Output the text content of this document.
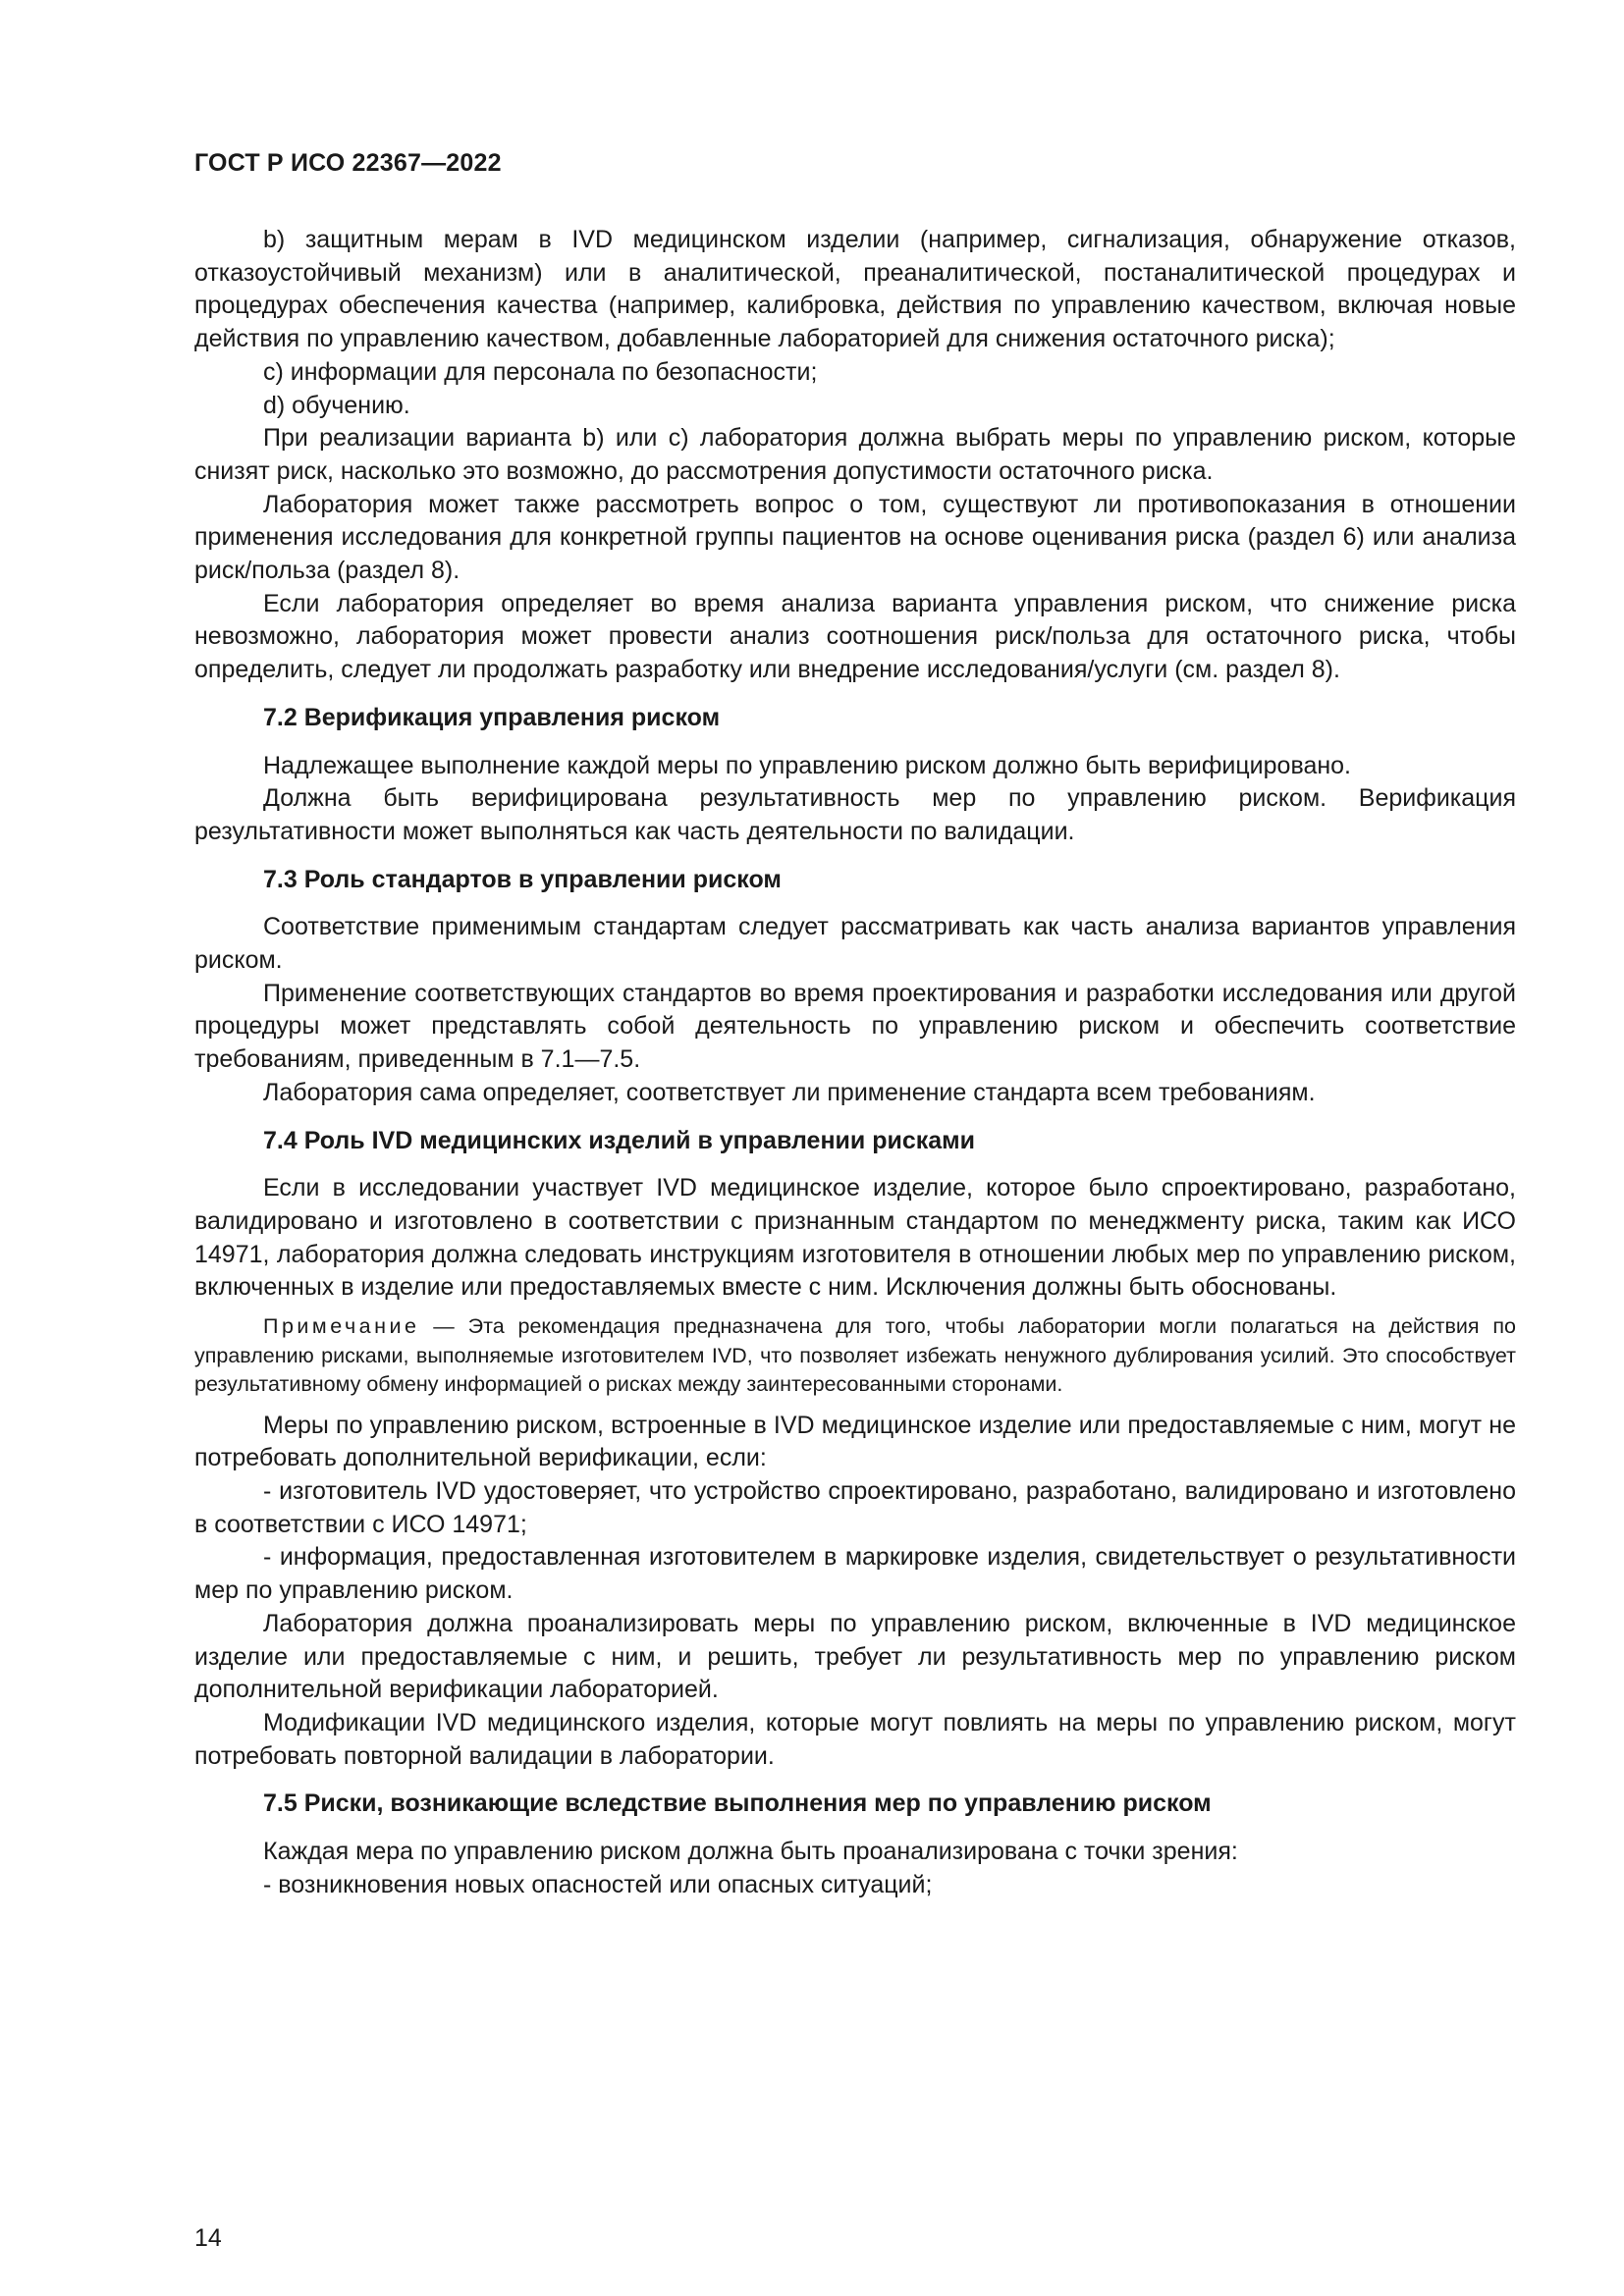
ГОСТ Р ИСО 22367—2022

b) защитным мерам в IVD медицинском изделии (например, сигнализация, обнаружение отказов, отказоустойчивый механизм) или в аналитической, преаналитической, постаналитической процедурах и процедурах обеспечения качества (например, калибровка, действия по управлению качеством, включая новые действия по управлению качеством, добавленные лабораторией для снижения остаточного риска);

c) информации для персонала по безопасности;

d) обучению.

При реализации варианта b) или c) лаборатория должна выбрать меры по управлению риском, которые снизят риск, насколько это возможно, до рассмотрения допустимости остаточного риска.

Лаборатория может также рассмотреть вопрос о том, существуют ли противопоказания в отношении применения исследования для конкретной группы пациентов на основе оценивания риска (раздел 6) или анализа риск/польза (раздел 8).

Если лаборатория определяет во время анализа варианта управления риском, что снижение риска невозможно, лаборатория может провести анализ соотношения риск/польза для остаточного риска, чтобы определить, следует ли продолжать разработку или внедрение исследования/услуги (см. раздел 8).

7.2 Верификация управления риском

Надлежащее выполнение каждой меры по управлению риском должно быть верифицировано.

Должна быть верифицирована результативность мер по управлению риском. Верификация результативности может выполняться как часть деятельности по валидации.

7.3 Роль стандартов в управлении риском

Соответствие применимым стандартам следует рассматривать как часть анализа вариантов управления риском.

Применение соответствующих стандартов во время проектирования и разработки исследования или другой процедуры может представлять собой деятельность по управлению риском и обеспечить соответствие требованиям, приведенным в 7.1—7.5.

Лаборатория сама определяет, соответствует ли применение стандарта всем требованиям.

7.4 Роль IVD медицинских изделий в управлении рисками

Если в исследовании участвует IVD медицинское изделие, которое было спроектировано, разработано, валидировано и изготовлено в соответствии с признанным стандартом по менеджменту риска, таким как ИСО 14971, лаборатория должна следовать инструкциям изготовителя в отношении любых мер по управлению риском, включенных в изделие или предоставляемых вместе с ним. Исключения должны быть обоснованы.

Примечание — Эта рекомендация предназначена для того, чтобы лаборатории могли полагаться на действия по управлению рисками, выполняемые изготовителем IVD, что позволяет избежать ненужного дублирования усилий. Это способствует результативному обмену информацией о рисках между заинтересованными сторонами.

Меры по управлению риском, встроенные в IVD медицинское изделие или предоставляемые с ним, могут не потребовать дополнительной верификации, если:

- изготовитель IVD удостоверяет, что устройство спроектировано, разработано, валидировано и изготовлено в соответствии с ИСО 14971;

- информация, предоставленная изготовителем в маркировке изделия, свидетельствует о результативности мер по управлению риском.

Лаборатория должна проанализировать меры по управлению риском, включенные в IVD медицинское изделие или предоставляемые с ним, и решить, требует ли результативность мер по управлению риском дополнительной верификации лабораторией.

Модификации IVD медицинского изделия, которые могут повлиять на меры по управлению риском, могут потребовать повторной валидации в лаборатории.

7.5 Риски, возникающие вследствие выполнения мер по управлению риском

Каждая мера по управлению риском должна быть проанализирована с точки зрения:

- возникновения новых опасностей или опасных ситуаций;

14
